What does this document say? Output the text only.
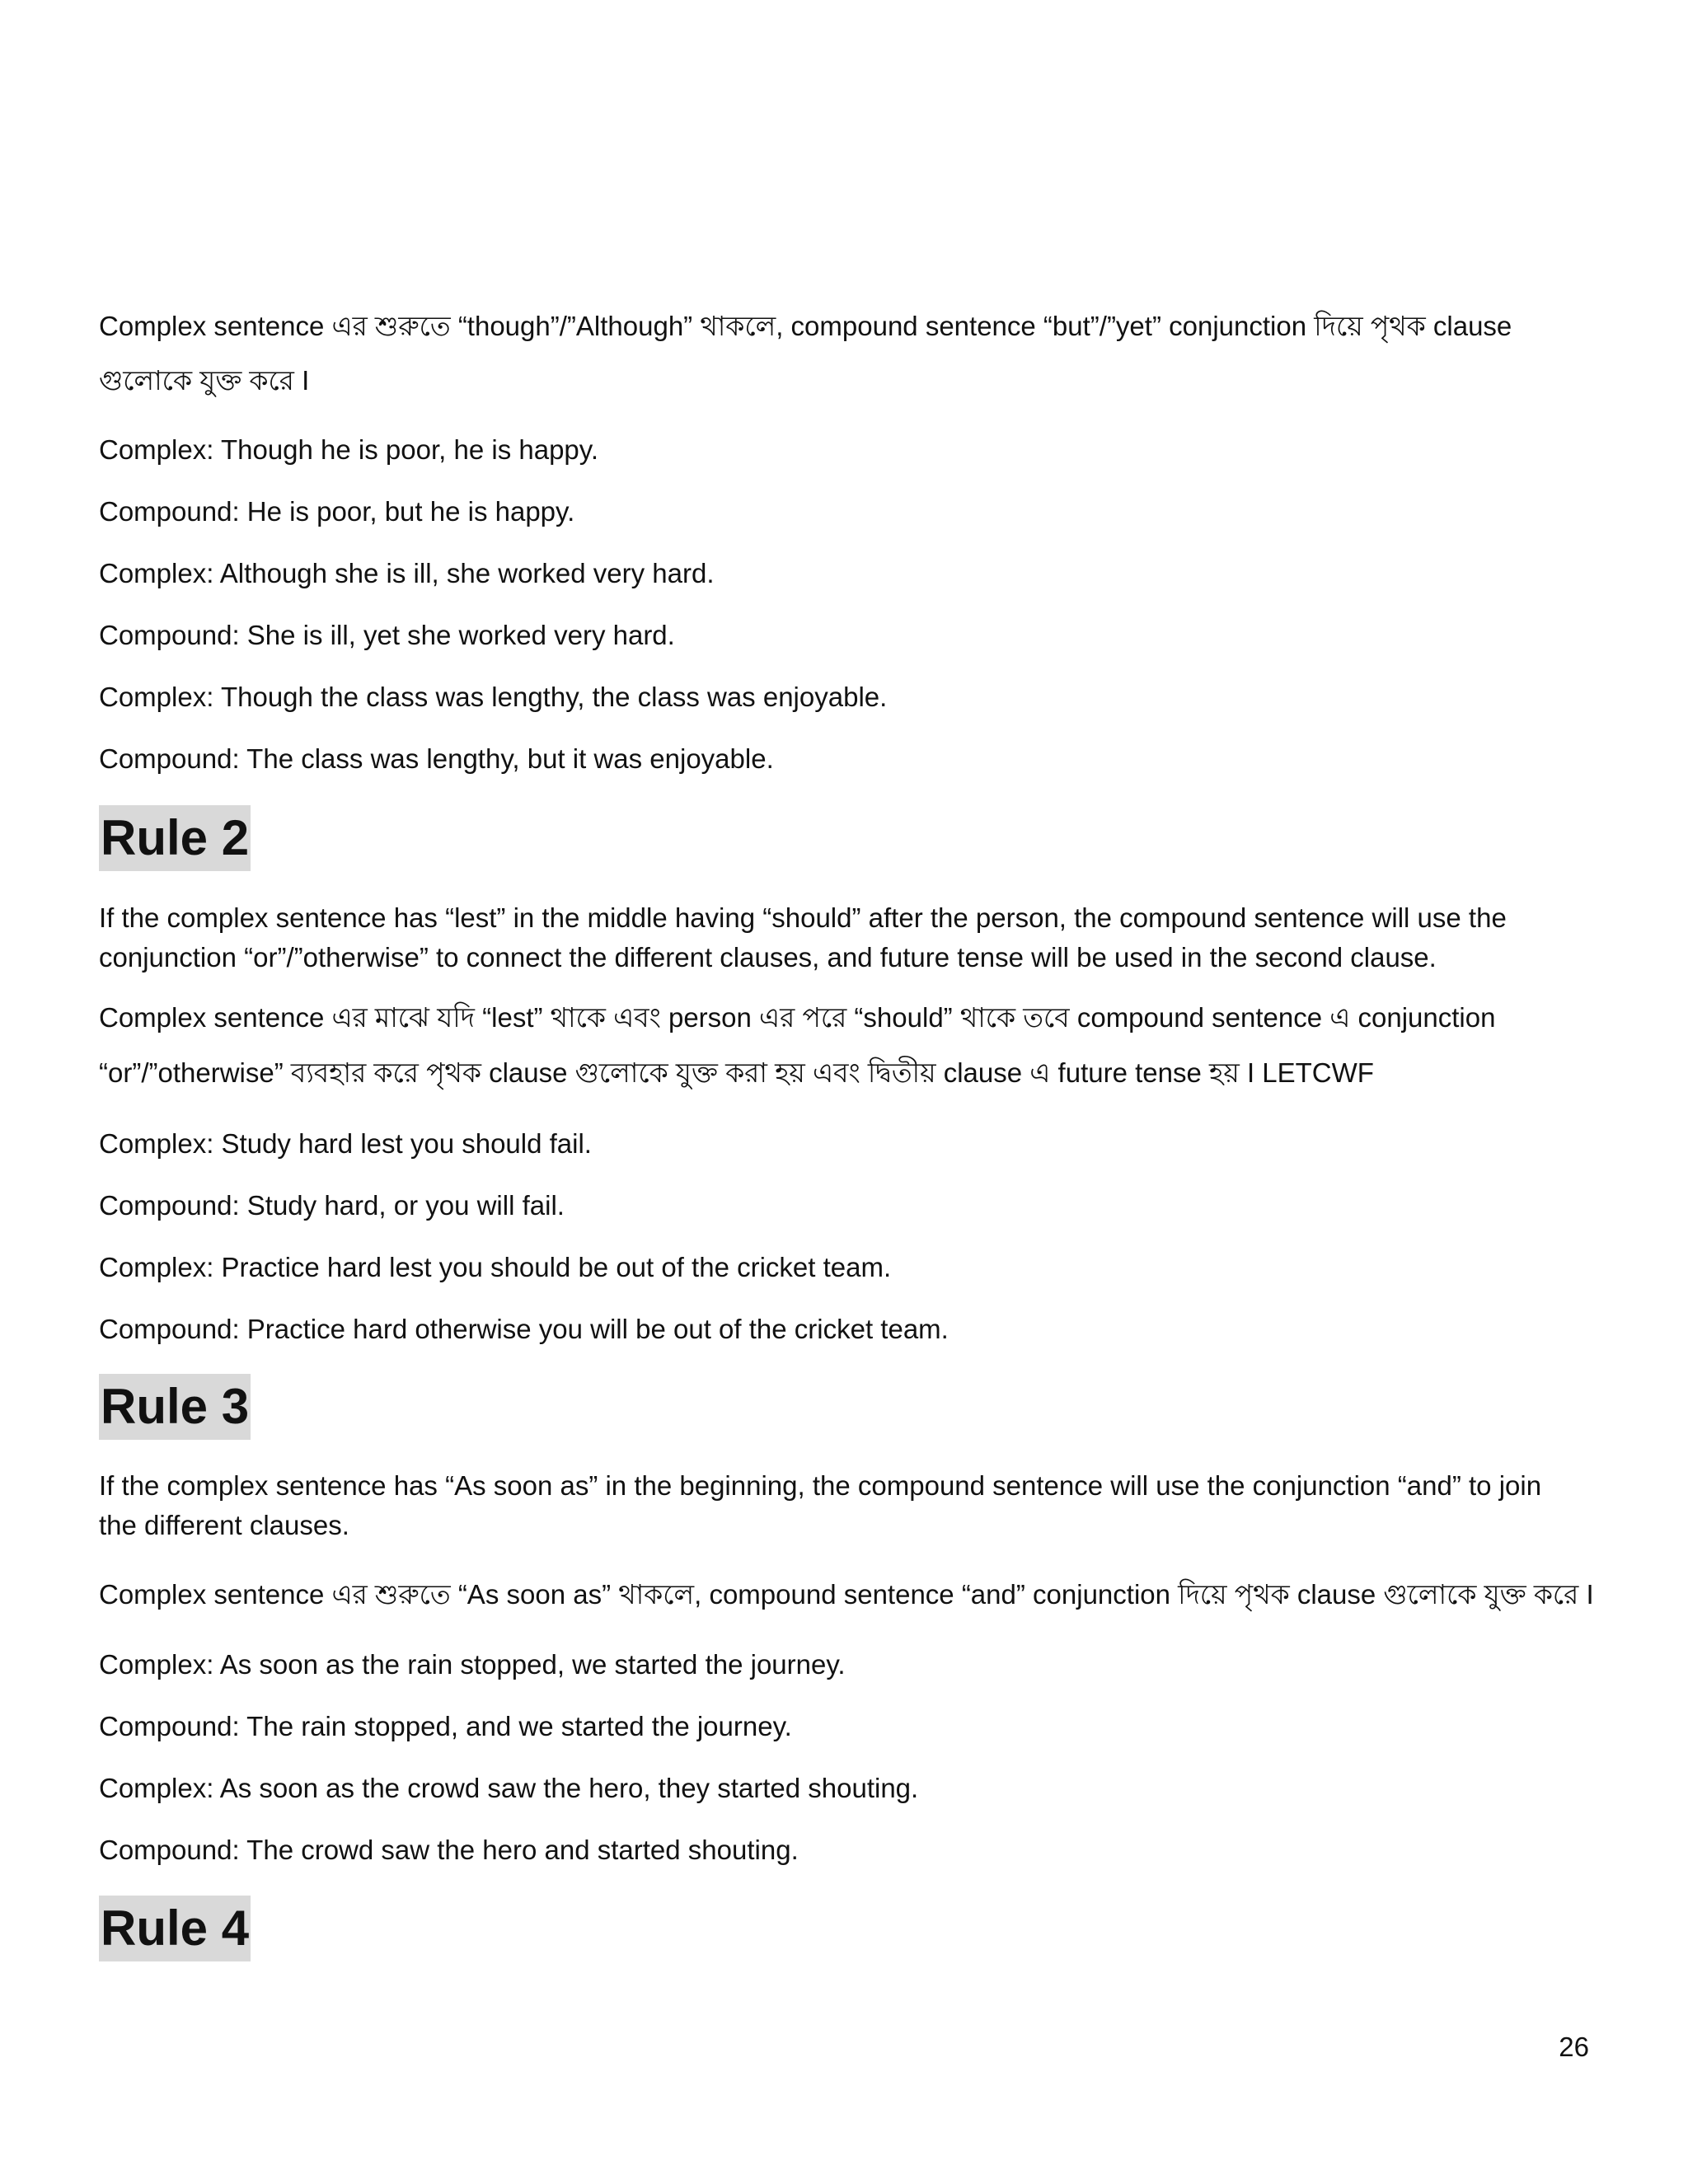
Complex sentence এর শুরুতে “though”/”Although” থাকলে, compound sentence “but”/”yet” conjunction দিয়ে পৃথক clause
গুলোকে যুক্ত করে I
Complex: Though he is poor, he is happy.
Compound: He is poor, but he is happy.
Complex: Although she is ill, she worked very hard.
Compound: She is ill, yet she worked very hard.
Complex: Though the class was lengthy, the class was enjoyable.
Compound: The class was lengthy, but it was enjoyable.
Rule 2
If the complex sentence has “lest” in the middle having “should” after the person, the compound sentence will use the conjunction “or”/”otherwise” to connect the different clauses, and future tense will be used in the second clause.
Complex sentence এর মাঝে যদি “lest” থাকে এবং person এর পরে “should” থাকে তবে compound sentence এ conjunction
“or”/”otherwise” ব্যবহার করে পৃথক clause গুলোকে যুক্ত করা হয় এবং দ্বিতীয় clause এ future tense হয় I LETCWF
Complex: Study hard lest you should fail.
Compound: Study hard, or you will fail.
Complex: Practice hard lest you should be out of the cricket team.
Compound: Practice hard otherwise you will be out of the cricket team.
Rule 3
If the complex sentence has “As soon as” in the beginning, the compound sentence will use the conjunction “and” to join the different clauses.
Complex sentence এর শুরুতে “As soon as” থাকলে, compound sentence “and” conjunction দিয়ে পৃথক clause গুলোকে যুক্ত করে I
Complex: As soon as the rain stopped, we started the journey.
Compound: The rain stopped, and we started the journey.
Complex: As soon as the crowd saw the hero, they started shouting.
Compound: The crowd saw the hero and started shouting.
Rule 4
26
